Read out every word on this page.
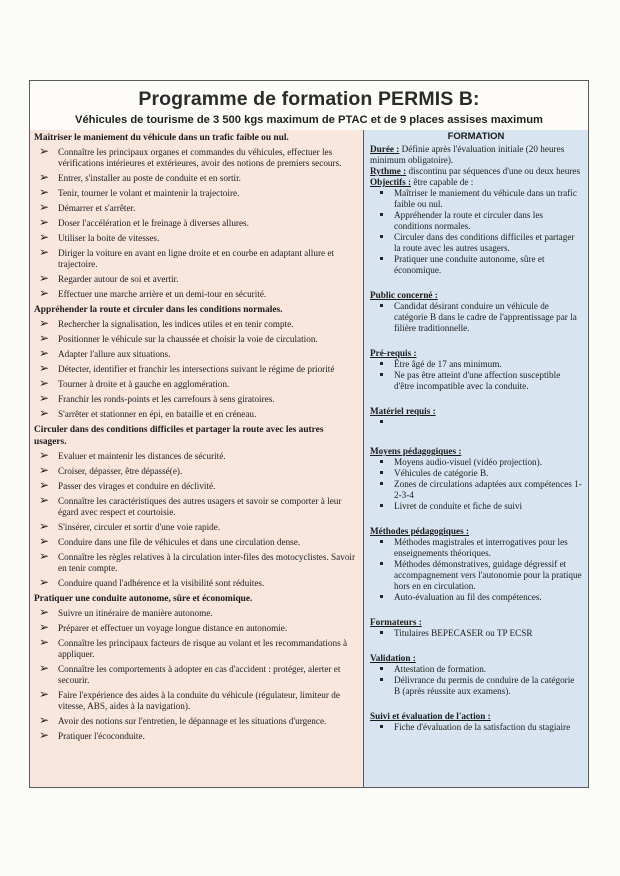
Programme de formation PERMIS B:
Véhicules de tourisme de 3 500 kgs maximum de PTAC et de 9 places assises maximum
Maîtriser le maniement du véhicule dans un trafic faible ou nul.
➢ Connaître les principaux organes et commandes du véhicules, effectuer les vérifications intérieures et extérieures, avoir des notions de premiers secours.
➢ Entrer, s'installer au poste de conduite et en sortir.
➢ Tenir, tourner le volant et maintenir la trajectoire.
➢ Démarrer et s'arrêter.
➢ Doser l'accélération et le freinage à diverses allures.
➢ Utiliser la boite de vitesses.
➢ Diriger la voiture en avant en ligne droite et en courbe en adaptant allure et trajectoire.
➢ Regarder autour de soi et avertir.
➢ Effectuer une marche arrière et un demi-tour en sécurité.
Appréhender la route et circuler dans les conditions normales.
➢ Rechercher la signalisation, les indices utiles et en tenir compte.
➢ Positionner le véhicule sur la chaussée et choisir la voie de circulation.
➢ Adapter l'allure aux situations.
➢ Détecter, identifier et franchir les intersections suivant le régime de priorité
➢ Tourner à droite et à gauche en agglomération.
➢ Franchir les ronds-points et les carrefours à sens giratoires.
➢ S'arrêter et stationner en épi, en bataille et en créneau.
Circuler dans des conditions difficiles et partager la route avec les autres usagers.
➢ Evaluer et maintenir les distances de sécurité.
➢ Croiser, dépasser, être dépassé(e).
➢ Passer des virages et conduire en déclivité.
➢ Connaître les caractéristiques des autres usagers et savoir se comporter à leur égard avec respect et courtoisie.
➢ S'insérer, circuler et sortir d'une voie rapide.
➢ Conduire dans une file de véhicules et dans une circulation dense.
➢ Connaître les règles relatives à la circulation inter-files des motocyclistes. Savoir en tenir compte.
➢ Conduire quand l'adhérence et la visibilité sont réduites.
Pratiquer une conduite autonome, sûre et économique.
➢ Suivre un itinéraire de manière autonome.
➢ Préparer et effectuer un voyage longue distance en autonomie.
➢ Connaître les principaux facteurs de risque au volant et les recommandations à appliquer.
➢ Connaître les comportements à adopter en cas d'accident : protéger, alerter et secourir.
➢ Faire l'expérience des aides à la conduite du véhicule (régulateur, limiteur de vitesse, ABS, aides à la navigation).
➢ Avoir des notions sur l'entretien, le dépannage et les situations d'urgence.
➢ Pratiquer l'écoconduite.
FORMATION

Durée : Définie après l'évaluation initiale (20 heures minimum obligatoire).

Rythme : discontinu par séquences d'une ou deux heures

Objectifs : être capable de :

Maîtriser le maniement du véhicule dans un trafic faible ou nul.
Appréhender la route et circuler dans les conditions normales.
Circuler dans des conditions difficiles et partager la route avec les autres usagers.
Pratiquer une conduite autonome, sûre et économique.

Public concerné :

Candidat désirant conduire un véhicule de catégorie B dans le cadre de l'apprentissage par la filière traditionnelle.

Pré-requis :

Être âgé de 17 ans minimum.
Ne pas être atteint d'une affection susceptible d'être incompatible avec la conduite.

Matériel requis :

Moyens pédagogiques :

Moyens audio-visuel (vidéo projection).
Véhicules de catégorie B.
Zones de circulations adaptées aux compétences 1-2-3-4
Livret de conduite et fiche de suivi

Méthodes pédagogiques :

Méthodes magistrales et interrogatives pour les enseignements théoriques.
Méthodes démonstratives, guidage dégressif et accompagnement vers l'autonomie pour la pratique hors en en circulation.
Auto-évaluation au fil des compétences.

Formateurs :

Titulaires BEPECASER ou TP ECSR

Validation :

Attestation de formation.
Délivrance du permis de conduire de la catégorie B (après réussite aux examens).

Suivi et évaluation de l'action :

Fiche d'évaluation de la satisfaction du stagiaire
